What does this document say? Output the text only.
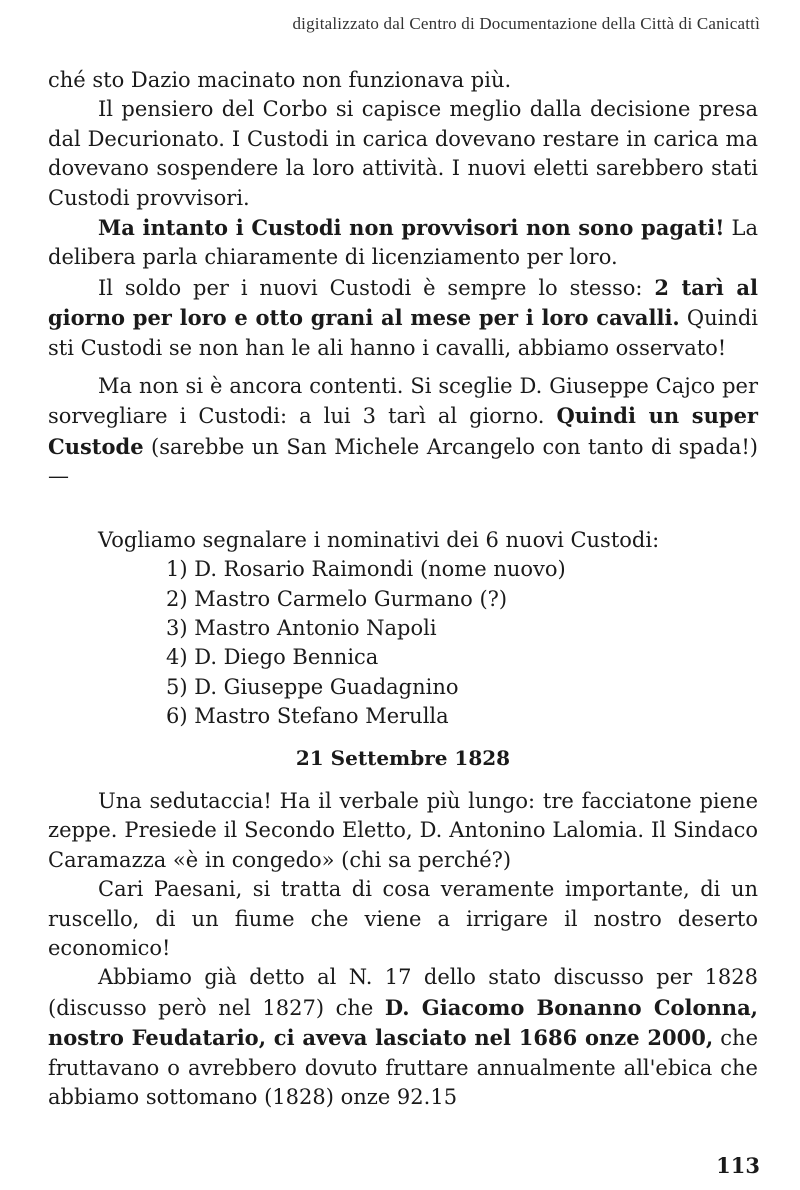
digitalizzato dal Centro di Documentazione della Città di Canicattì

ché sto Dazio macinato non funzionava più.

Il pensiero del Corbo si capisce meglio dalla decisione presa dal Decurionato. I Custodi in carica dovevano restare in carica ma dovevano sospendere la loro attività. I nuovi eletti sarebbero stati Custodi provvisori.

Ma intanto i Custodi non provvisori non sono pagati! La delibera parla chiaramente di licenziamento per loro.

Il soldo per i nuovi Custodi è sempre lo stesso: 2 tarì al giorno per loro e otto grani al mese per i loro cavalli. Quindi sti Custodi se non han le ali hanno i cavalli, abbiamo osservato!

Ma non si è ancora contenti. Si sceglie D. Giuseppe Cajco per sorvegliare i Custodi: a lui 3 tarì al giorno. Quindi un super Custode (sarebbe un San Michele Arcangelo con tanto di spada!) —

Vogliamo segnalare i nominativi dei 6 nuovi Custodi:

1) D. Rosario Raimondi (nome nuovo)
2) Mastro Carmelo Gurmano (?)
3) Mastro Antonio Napoli
4) D. Diego Bennica
5) D. Giuseppe Guadagnino
6) Mastro Stefano Merulla

21 Settembre 1828

Una sedutaccia! Ha il verbale più lungo: tre facciatone piene zeppe. Presiede il Secondo Eletto, D. Antonino Lalomia. Il Sindaco Caramazza «è in congedo» (chi sa perché?)

Cari Paesani, si tratta di cosa veramente importante, di un ruscello, di un fiume che viene a irrigare il nostro deserto economico!

Abbiamo già detto al N. 17 dello stato discusso per 1828 (discusso però nel 1827) che D. Giacomo Bonanno Colonna, nostro Feudatario, ci aveva lasciato nel 1686 onze 2000, che fruttavano o avrebbero dovuto fruttare annualmente all'ebica che abbiamo sottomano (1828) onze 92.15

113
